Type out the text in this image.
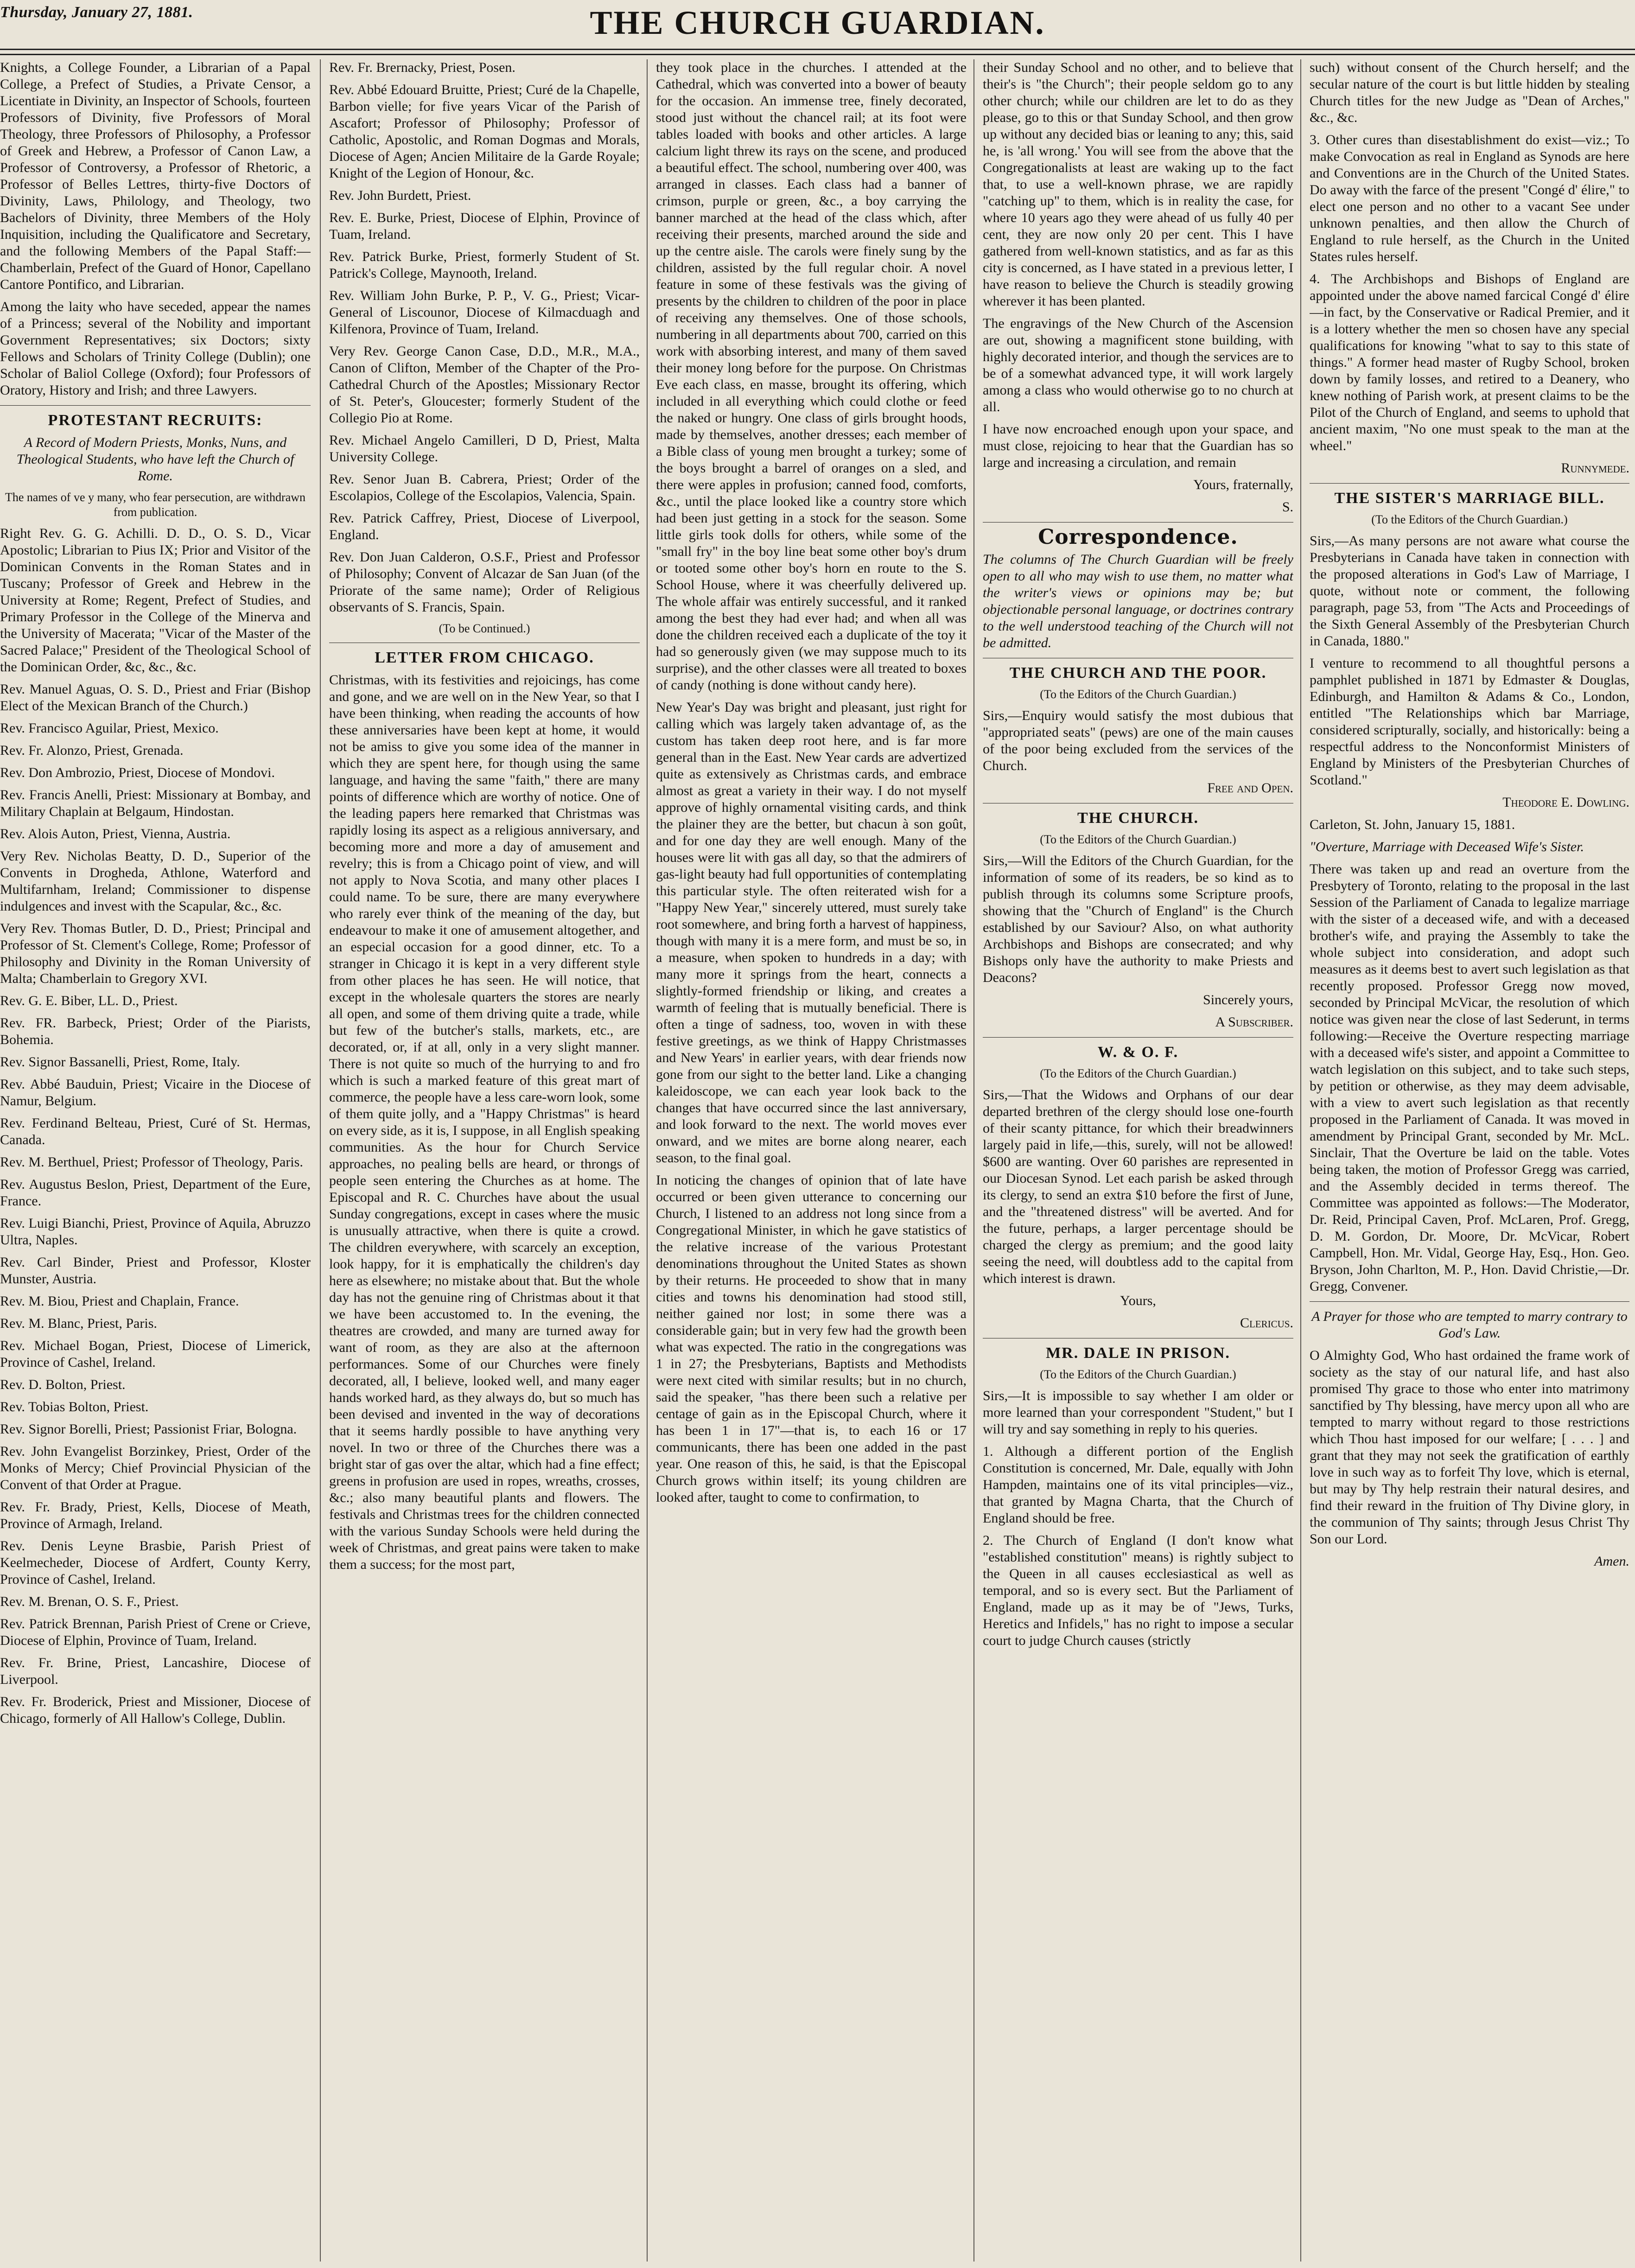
Thursday, January 27, 1881.	THE CHURCH GUARDIAN.

Knights, a College Founder, a Librarian of a Papal College, a Prefect of Studies, a Private Censor, a Licentiate in Divinity, an Inspector of Schools, fourteen Professors of Divinity, five Professors of Moral Theology, three Professors of Philosophy, a Professor of Greek and Hebrew, a Professor of Canon Law, a Professor of Controversy, a Professor of Rhetoric, a Professor of Belles Lettres, thirty-five Doctors of Divinity, Laws, Philology, and Theology, two Bachelors of Divinity, three Members of the Holy Inquisition, including the Qualificatore and Secretary, and the following Members of the Papal Staff:—Chamberlain, Prefect of the Guard of Honor, Capellano Cantore Pontifico, and Librarian.

Among the laity who have seceded, appear the names of a Princess; several of the Nobility and important Government Representatives; six Doctors; sixty Fellows and Scholars of Trinity College (Dublin); one Scholar of Baliol College (Oxford); four Professors of Oratory, History and Irish; and three Lawyers.

PROTESTANT RECRUITS:

A Record of Modern Priests, Monks, Nuns, and Theological Students, who have left the Church of Rome.

The names of ve y many, who fear persecution, are withdrawn from publication.

Right Rev. G. G. Achilli. D. D., O. S. D., Vicar Apostolic; Librarian to Pius IX; Prior and Visitor of the Dominican Convents in the Roman States and in Tuscany; Professor of Greek and Hebrew in the University at Rome; Regent, Prefect of Studies, and Primary Professor in the College of the Minerva and the University of Macerata; "Vicar of the Master of the Sacred Palace;" President of the Theological School of the Dominican Order, &c, &c., &c.

Rev. Manuel Aguas, O. S. D., Priest and Friar (Bishop Elect of the Mexican Branch of the Church.)

Rev. Francisco Aguilar, Priest, Mexico.

Rev. Fr. Alonzo, Priest, Grenada.

Rev. Don Ambrozio, Priest, Diocese of Mondovi.

Rev. Francis Anelli, Priest: Missionary at Bombay, and Military Chaplain at Belgaum, Hindostan.

Rev. Alois Auton, Priest, Vienna, Austria.

Very Rev. Nicholas Beatty, D. D., Superior of the Convents in Drogheda, Athlone, Waterford and Multifarnham, Ireland; Commissioner to dispense indulgences and invest with the Scapular, &c., &c.

Very Rev. Thomas Butler, D. D., Priest; Principal and Professor of St. Clement's College, Rome; Professor of Philosophy and Divinity in the Roman University of Malta; Chamberlain to Gregory XVI.

Rev. G. E. Biber, LL. D., Priest.

Rev. FR. Barbeck, Priest; Order of the Piarists, Bohemia.

Rev. Signor Bassanelli, Priest, Rome, Italy.

Rev. Abbé Bauduin, Priest; Vicaire in the Diocese of Namur, Belgium.

Rev. Ferdinand Belteau, Priest, Curé of St. Hermas, Canada.

Rev. M. Berthuel, Priest; Professor of Theology, Paris.

Rev. Augustus Beslon, Priest, Department of the Eure, France.

Rev. Luigi Bianchi, Priest, Province of Aquila, Abruzzo Ultra, Naples.

Rev. Carl Binder, Priest and Professor, Kloster Munster, Austria.

Rev. M. Biou, Priest and Chaplain, France.

Rev. M. Blanc, Priest, Paris.

Rev. Michael Bogan, Priest, Diocese of Limerick, Province of Cashel, Ireland.

Rev. D. Bolton, Priest.

Rev. Tobias Bolton, Priest.

Rev. Signor Borelli, Priest; Passionist Friar, Bologna.

Rev. John Evangelist Borzinkey, Priest, Order of the Monks of Mercy; Chief Provincial Physician of the Convent of that Order at Prague.

Rev. Fr. Brady, Priest, Kells, Diocese of Meath, Province of Armagh, Ireland.

Rev. Denis Leyne Brasbie, Parish Priest of Keelmecheder, Diocese of Ardfert, County Kerry, Province of Cashel, Ireland.

Rev. M. Brenan, O. S. F., Priest.

Rev. Patrick Brennan, Parish Priest of Crene or Crieve, Diocese of Elphin, Province of Tuam, Ireland.

Rev. Fr. Brine, Priest, Lancashire, Diocese of Liverpool.

Rev. Fr. Broderick, Priest and Missioner, Diocese of Chicago, formerly of All Hallow's College, Dublin.

Rev. Fr. Brernacky, Priest, Posen.

Rev. Abbé Edouard Bruitte, Priest; Curé de la Chapelle, Barbon vielle; for five years Vicar of the Parish of Ascafort; Professor of Philosophy; Professor of Catholic, Apostolic, and Roman Dogmas and Morals, Diocese of Agen; Ancien Militaire de la Garde Royale; Knight of the Legion of Honour, &c.

Rev. John Burdett, Priest.

Rev. E. Burke, Priest, Diocese of Elphin, Province of Tuam, Ireland.

Rev. Patrick Burke, Priest, formerly Student of St. Patrick's College, Maynooth, Ireland.

Rev. William John Burke, P. P., V. G., Priest; Vicar-General of Liscounor, Diocese of Kilmacduagh and Kilfenora, Province of Tuam, Ireland.

Very Rev. George Canon Case, D.D., M.R., M.A., Canon of Clifton, Member of the Chapter of the Pro-Cathedral Church of the Apostles; Missionary Rector of St. Peter's, Gloucester; formerly Student of the Collegio Pio at Rome.

Rev. Michael Angelo Camilleri, D D, Priest, Malta University College.

Rev. Senor Juan B. Cabrera, Priest; Order of the Escolapios, College of the Escolapios, Valencia, Spain.

Rev. Patrick Caffrey, Priest, Diocese of Liverpool, England.

Rev. Don Juan Calderon, O.S.F., Priest and Professor of Philosophy; Convent of Alcazar de San Juan (of the Priorate of the same name); Order of Religious observants of S. Francis, Spain.

(To be Continued.)

LETTER FROM CHICAGO.

Christmas, with its festivities and rejoicings, has come and gone, and we are well on in the New Year, so that I have been thinking, when reading the accounts of how these anniversaries have been kept at home, it would not be amiss to give you some idea of the manner in which they are spent here, for though using the same language, and having the same "faith," there are many points of difference which are worthy of notice. One of the leading papers here remarked that Christmas was rapidly losing its aspect as a religious anniversary, and becoming more and more a day of amusement and revelry; this is from a Chicago point of view, and will not apply to Nova Scotia, and many other places I could name. To be sure, there are many everywhere who rarely ever think of the meaning of the day, but endeavour to make it one of amusement altogether, and an especial occasion for a good dinner, etc. To a stranger in Chicago it is kept in a very different style from other places he has seen. He will notice, that except in the wholesale quarters the stores are nearly all open, and some of them driving quite a trade, while but few of the butcher's stalls, markets, etc., are decorated, or, if at all, only in a very slight manner. There is not quite so much of the hurrying to and fro which is such a marked feature of this great mart of commerce, the people have a less care-worn look, some of them quite jolly, and a "Happy Christmas" is heard on every side, as it is, I suppose, in all English speaking communities. As the hour for Church Service approaches, no pealing bells are heard, or throngs of people seen entering the Churches as at home. The Episcopal and R. C. Churches have about the usual Sunday congregations, except in cases where the music is unusually attractive, when there is quite a crowd. The children everywhere, with scarcely an exception, look happy, for it is emphatically the children's day here as elsewhere; no mistake about that. But the whole day has not the genuine ring of Christmas about it that we have been accustomed to. In the evening, the theatres are crowded, and many are turned away for want of room, as they are also at the afternoon performances. Some of our Churches were finely decorated, all, I believe, looked well, and many eager hands worked hard, as they always do, but so much has been devised and invented in the way of decorations that it seems hardly possible to have anything very novel. In two or three of the Churches there was a bright star of gas over the altar, which had a fine effect; greens in profusion are used in ropes, wreaths, crosses, &c.; also many beautiful plants and flowers. The festivals and Christmas trees for the children connected with the various Sunday Schools were held during the week of Christmas, and great pains were taken to make them a success; for the most part,

they took place in the churches. I attended at the Cathedral, which was converted into a bower of beauty for the occasion. An immense tree, finely decorated, stood just without the chancel rail; at its foot were tables loaded with books and other articles. A large calcium light threw its rays on the scene, and produced a beautiful effect. The school, numbering over 400, was arranged in classes. Each class had a banner of crimson, purple or green, &c., a boy carrying the banner marched at the head of the class which, after receiving their presents, marched around the side and up the centre aisle. The carols were finely sung by the children, assisted by the full regular choir. A novel feature in some of these festivals was the giving of presents by the children to children of the poor in place of receiving any themselves. One of those schools, numbering in all departments about 700, carried on this work with absorbing interest, and many of them saved their money long before for the purpose. On Christmas Eve each class, en masse, brought its offering, which included in all everything which could clothe or feed the naked or hungry. One class of girls brought hoods, made by themselves, another dresses; each member of a Bible class of young men brought a turkey; some of the boys brought a barrel of oranges on a sled, and there were apples in profusion; canned food, comforts, &c., until the place looked like a country store which had been just getting in a stock for the season. Some little girls took dolls for others, while some of the "small fry" in the boy line beat some other boy's drum or tooted some other boy's horn en route to the S. School House, where it was cheerfully delivered up. The whole affair was entirely successful, and it ranked among the best they had ever had; and when all was done the children received each a duplicate of the toy it had so generously given (we may suppose much to its surprise), and the other classes were all treated to boxes of candy (nothing is done without candy here).

New Year's Day was bright and pleasant, just right for calling which was largely taken advantage of, as the custom has taken deep root here, and is far more general than in the East. New Year cards are advertized quite as extensively as Christmas cards, and embrace almost as great a variety in their way. I do not myself approve of highly ornamental visiting cards, and think the plainer they are the better, but chacun à son goût, and for one day they are well enough. Many of the houses were lit with gas all day, so that the admirers of gas-light beauty had full opportunities of contemplating this particular style. The often reiterated wish for a "Happy New Year," sincerely uttered, must surely take root somewhere, and bring forth a harvest of happiness, though with many it is a mere form, and must be so, in a measure, when spoken to hundreds in a day; with many more it springs from the heart, connects a slightly-formed friendship or liking, and creates a warmth of feeling that is mutually beneficial. There is often a tinge of sadness, too, woven in with these festive greetings, as we think of Happy Christmasses and New Years' in earlier years, with dear friends now gone from our sight to the better land. Like a changing kaleidoscope, we can each year look back to the changes that have occurred since the last anniversary, and look forward to the next. The world moves ever onward, and we mites are borne along nearer, each season, to the final goal.

In noticing the changes of opinion that of late have occurred or been given utterance to concerning our Church, I listened to an address not long since from a Congregational Minister, in which he gave statistics of the relative increase of the various Protestant denominations throughout the United States as shown by their returns. He proceeded to show that in many cities and towns his denomination had stood still, neither gained nor lost; in some there was a considerable gain; but in very few had the growth been what was expected. The ratio in the congregations was 1 in 27; the Presbyterians, Baptists and Methodists were next cited with similar results; but in no church, said the speaker, "has there been such a relative per centage of gain as in the Episcopal Church, where it has been 1 in 17"—that is, to each 16 or 17 communicants, there has been one added in the past year. One reason of this, he said, is that the Episcopal Church grows within itself; its young children are looked after, taught to come to confirmation, to

their Sunday School and no other, and to believe that their's is "the Church"; their people seldom go to any other church; while our children are let to do as they please, go to this or that Sunday School, and then grow up without any decided bias or leaning to any; this, said he, is 'all wrong.' You will see from the above that the Congregationalists at least are waking up to the fact that, to use a well-known phrase, we are rapidly "catching up" to them, which is in reality the case, for where 10 years ago they were ahead of us fully 40 per cent, they are now only 20 per cent. This I have gathered from well-known statistics, and as far as this city is concerned, as I have stated in a previous letter, I have reason to believe the Church is steadily growing wherever it has been planted.

The engravings of the New Church of the Ascension are out, showing a magnificent stone building, with highly decorated interior, and though the services are to be of a somewhat advanced type, it will work largely among a class who would otherwise go to no church at all.

I have now encroached enough upon your space, and must close, rejoicing to hear that the Guardian has so large and increasing a circulation, and remain

Yours, fraternally,

S.

Correspondence.

The columns of The Church Guardian will be freely open to all who may wish to use them, no matter what the writer's views or opinions may be; but objectionable personal language, or doctrines contrary to the well understood teaching of the Church will not be admitted.

THE CHURCH AND THE POOR.

(To the Editors of the Church Guardian.)

Sirs,—Enquiry would satisfy the most dubious that "appropriated seats" (pews) are one of the main causes of the poor being excluded from the services of the Church.

Free and Open.

THE CHURCH.

(To the Editors of the Church Guardian.)

Sirs,—Will the Editors of the Church Guardian, for the information of some of its readers, be so kind as to publish through its columns some Scripture proofs, showing that the "Church of England" is the Church established by our Saviour? Also, on what authority Archbishops and Bishops are consecrated; and why Bishops only have the authority to make Priests and Deacons?

Sincerely yours,

A Subscriber.

W. & O. F.

(To the Editors of the Church Guardian.)

Sirs,—That the Widows and Orphans of our dear departed brethren of the clergy should lose one-fourth of their scanty pittance, for which their breadwinners largely paid in life,—this, surely, will not be allowed! $600 are wanting. Over 60 parishes are represented in our Diocesan Synod. Let each parish be asked through its clergy, to send an extra $10 before the first of June, and the "threatened distress" will be averted. And for the future, perhaps, a larger percentage should be charged the clergy as premium; and the good laity seeing the need, will doubtless add to the capital from which interest is drawn.

Yours,

Clericus.

MR. DALE IN PRISON.

(To the Editors of the Church Guardian.)

Sirs,—It is impossible to say whether I am older or more learned than your correspondent "Student," but I will try and say something in reply to his queries.

1. Although a different portion of the English Constitution is concerned, Mr. Dale, equally with John Hampden, maintains one of its vital principles—viz., that granted by Magna Charta, that the Church of England should be free.

2. The Church of England (I don't know what "established constitution" means) is rightly subject to the Queen in all causes ecclesiastical as well as temporal, and so is every sect. But the Parliament of England, made up as it may be of "Jews, Turks, Heretics and Infidels," has no right to impose a secular court to judge Church causes (strictly

such) without consent of the Church herself; and the secular nature of the court is but little hidden by stealing Church titles for the new Judge as "Dean of Arches," &c., &c.

3. Other cures than disestablishment do exist—viz.; To make Convocation as real in England as Synods are here and Conventions are in the Church of the United States. Do away with the farce of the present "Congé d' élire," to elect one person and no other to a vacant See under unknown penalties, and then allow the Church of England to rule herself, as the Church in the United States rules herself.

4. The Archbishops and Bishops of England are appointed under the above named farcical Congé d' élire—in fact, by the Conservative or Radical Premier, and it is a lottery whether the men so chosen have any special qualifications for knowing "what to say to this state of things." A former head master of Rugby School, broken down by family losses, and retired to a Deanery, who knew nothing of Parish work, at present claims to be the Pilot of the Church of England, and seems to uphold that ancient maxim, "No one must speak to the man at the wheel."

Runnymede.

THE SISTER'S MARRIAGE BILL.

(To the Editors of the Church Guardian.)

Sirs,—As many persons are not aware what course the Presbyterians in Canada have taken in connection with the proposed alterations in God's Law of Marriage, I quote, without note or comment, the following paragraph, page 53, from "The Acts and Proceedings of the Sixth General Assembly of the Presbyterian Church in Canada, 1880."

I venture to recommend to all thoughtful persons a pamphlet published in 1871 by Edmaster & Douglas, Edinburgh, and Hamilton & Adams & Co., London, entitled "The Relationships which bar Marriage, considered scripturally, socially, and historically: being a respectful address to the Nonconformist Ministers of England by Ministers of the Presbyterian Churches of Scotland."

Theodore E. Dowling.

Carleton, St. John, January 15, 1881.

"Overture, Marriage with Deceased Wife's Sister.

There was taken up and read an overture from the Presbytery of Toronto, relating to the proposal in the last Session of the Parliament of Canada to legalize marriage with the sister of a deceased wife, and with a deceased brother's wife, and praying the Assembly to take the whole subject into consideration, and adopt such measures as it deems best to avert such legislation as that recently proposed. Professor Gregg now moved, seconded by Principal McVicar, the resolution of which notice was given near the close of last Sederunt, in terms following:—Receive the Overture respecting marriage with a deceased wife's sister, and appoint a Committee to watch legislation on this subject, and to take such steps, by petition or otherwise, as they may deem advisable, with a view to avert such legislation as that recently proposed in the Parliament of Canada. It was moved in amendment by Principal Grant, seconded by Mr. McL. Sinclair, That the Overture be laid on the table. Votes being taken, the motion of Professor Gregg was carried, and the Assembly decided in terms thereof. The Committee was appointed as follows:—The Moderator, Dr. Reid, Principal Caven, Prof. McLaren, Prof. Gregg, D. M. Gordon, Dr. Moore, Dr. McVicar, Robert Campbell, Hon. Mr. Vidal, George Hay, Esq., Hon. Geo. Bryson, John Charlton, M. P., Hon. David Christie,—Dr. Gregg, Convener.

A Prayer for those who are tempted to marry contrary to God's Law.

O Almighty God, Who hast ordained the frame work of society as the stay of our natural life, and hast also promised Thy grace to those who enter into matrimony sanctified by Thy blessing, have mercy upon all who are tempted to marry without regard to those restrictions which Thou hast imposed for our welfare; [ . . . ] and grant that they may not seek the gratification of earthly love in such way as to forfeit Thy love, which is eternal, but may by Thy help restrain their natural desires, and find their reward in the fruition of Thy Divine glory, in the communion of Thy saints; through Jesus Christ Thy Son our Lord.

Amen.
